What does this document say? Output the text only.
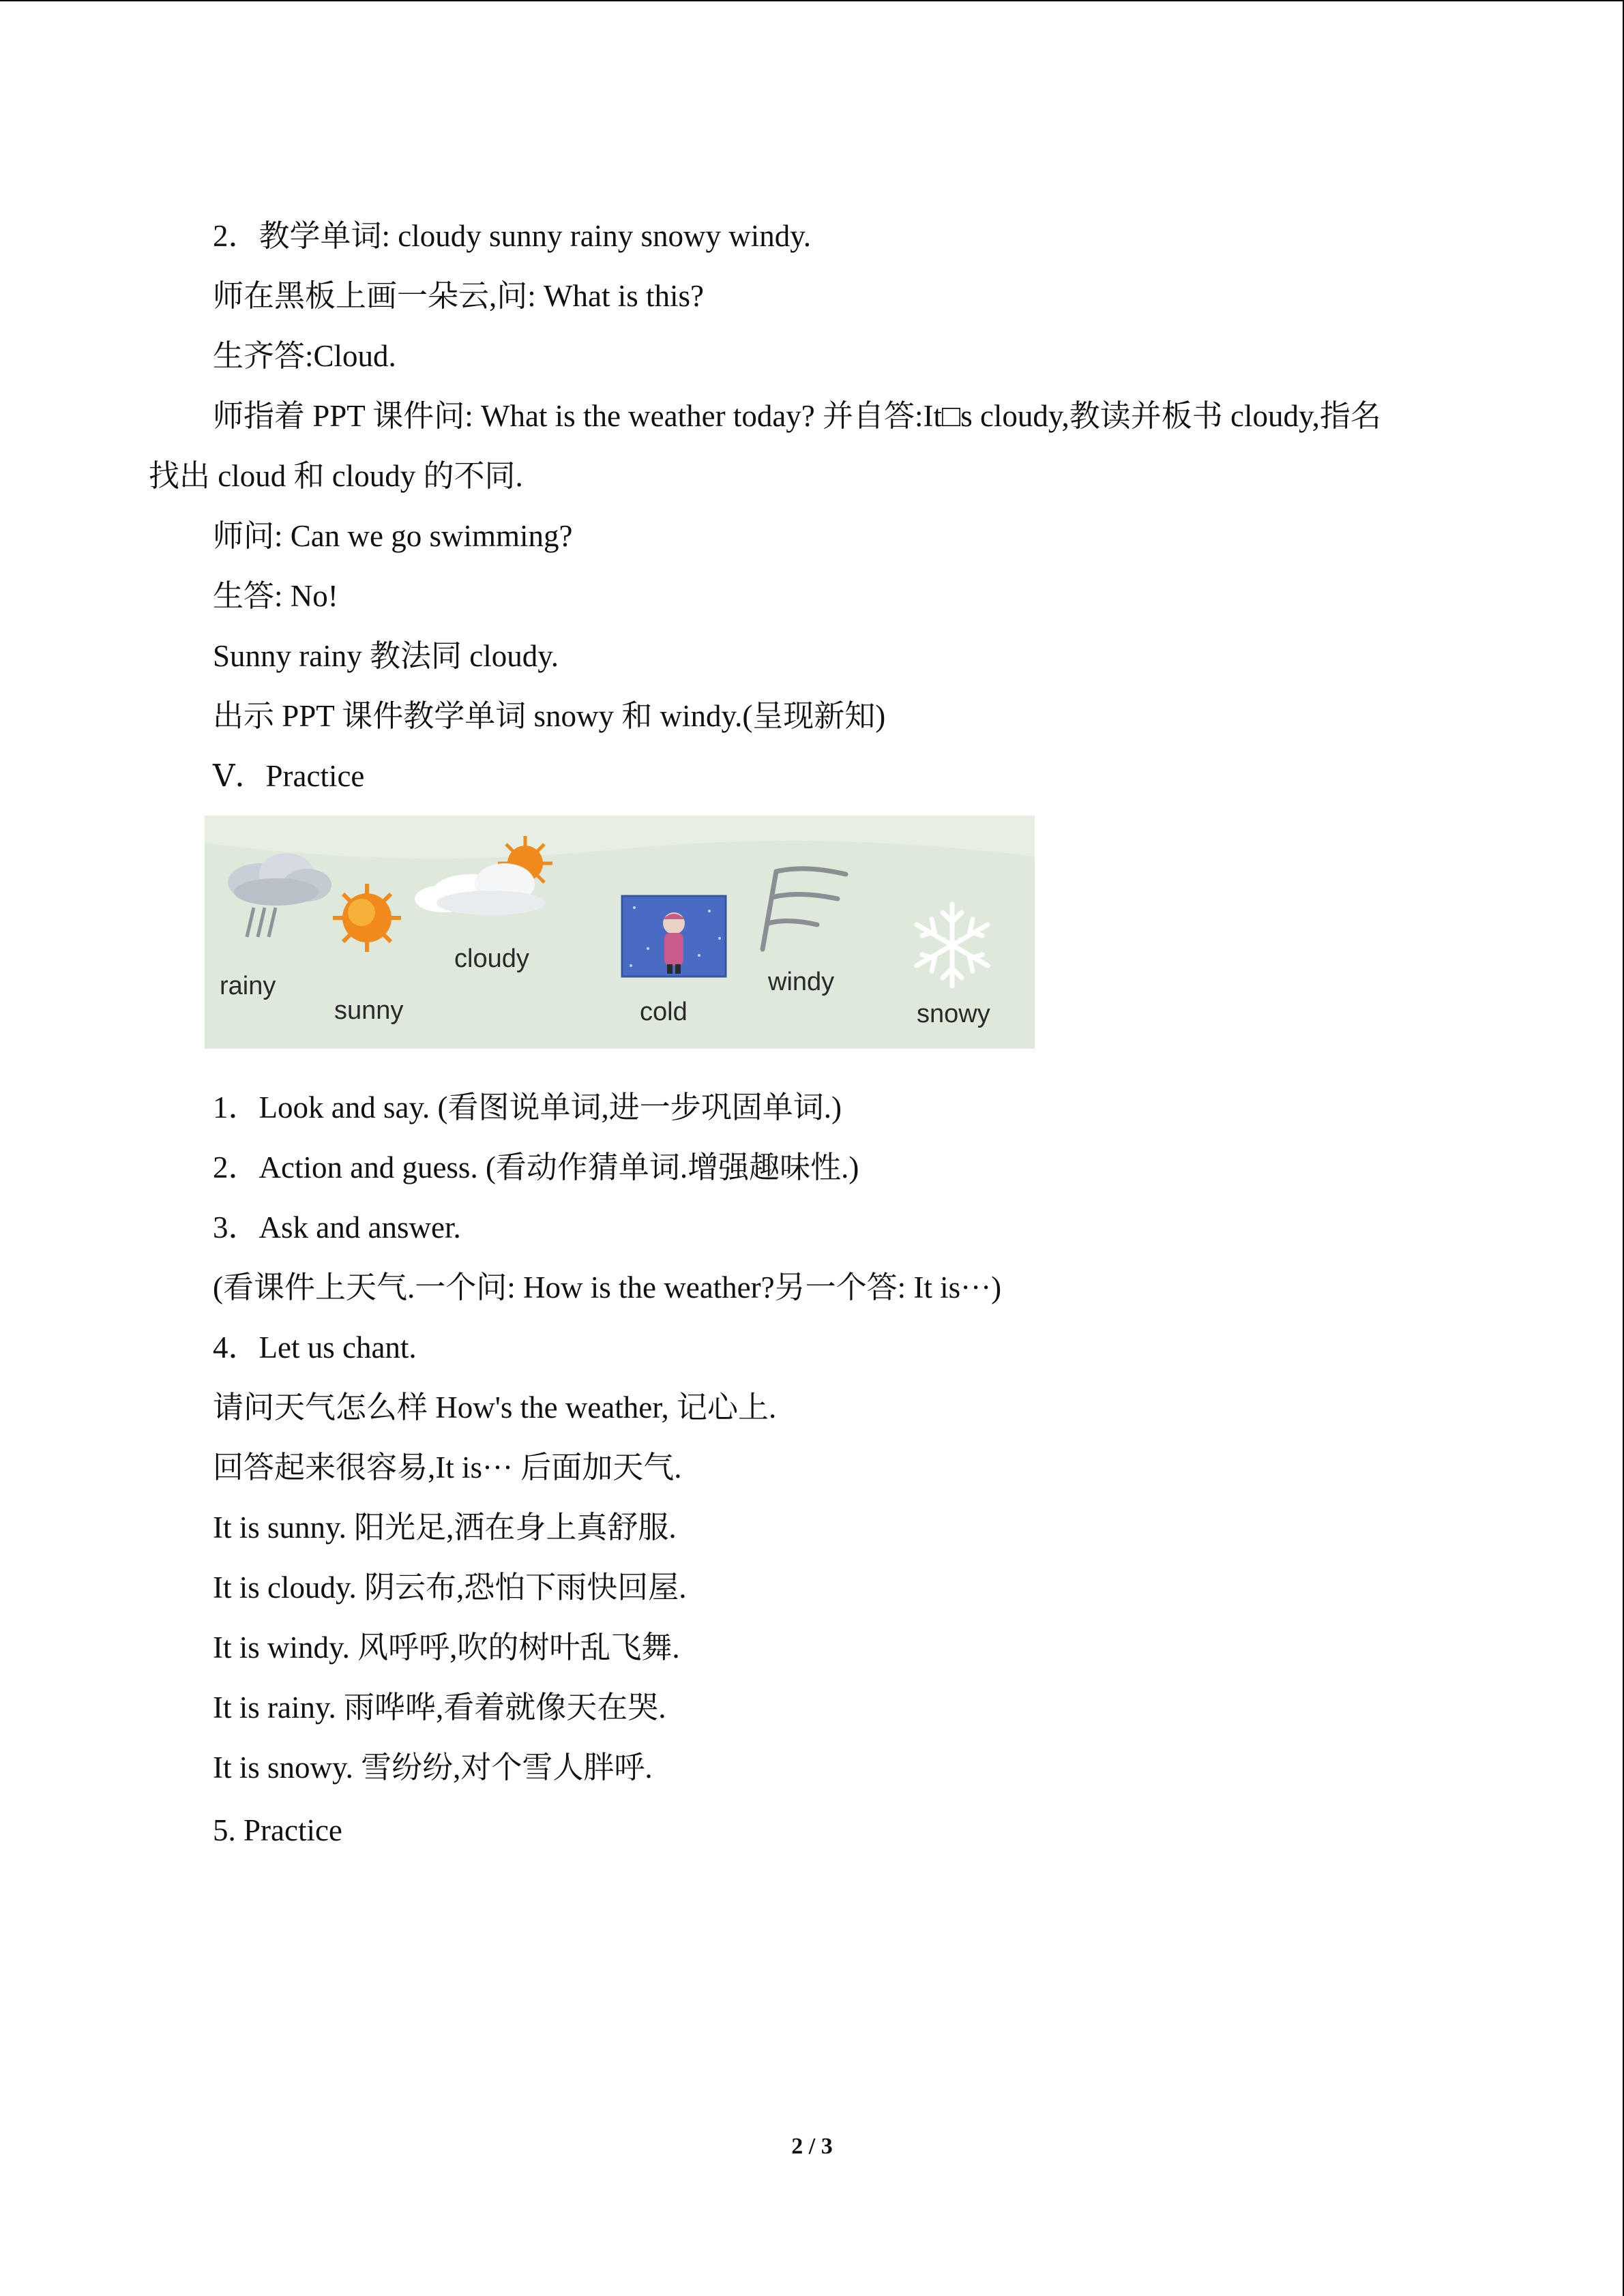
2．教学单词: cloudy sunny rainy snowy windy.
师在黑板上画一朵云,问: What is this?
生齐答:Cloud.
师指着 PPT 课件问: What is the weather today? 并自答:It□s cloudy,教读并板书 cloudy,指名
找出 cloud 和 cloudy 的不同.
师问: Can we go swimming?
生答: No!
Sunny rainy 教法同 cloudy.
出示 PPT 课件教学单词 snowy 和 windy.(呈现新知)
Ⅴ．Practice
rainy
sunny
cloudy
cold
windy
snowy
1．Look and say. (看图说单词,进一步巩固单词.)
2．Action and guess. (看动作猜单词.增强趣味性.)
3．Ask and answer.
(看课件上天气.一个问: How is the weather?另一个答: It is···)
4．Let us chant.
请问天气怎么样 How's the weather, 记心上.
回答起来很容易,It is··· 后面加天气.
It is sunny. 阳光足,洒在身上真舒服.
It is cloudy. 阴云布,恐怕下雨快回屋.
It is windy. 风呼呼,吹的树叶乱飞舞.
It is rainy. 雨哗哗,看着就像天在哭.
It is snowy. 雪纷纷,对个雪人胖呼.
5. Practice
2 / 3
